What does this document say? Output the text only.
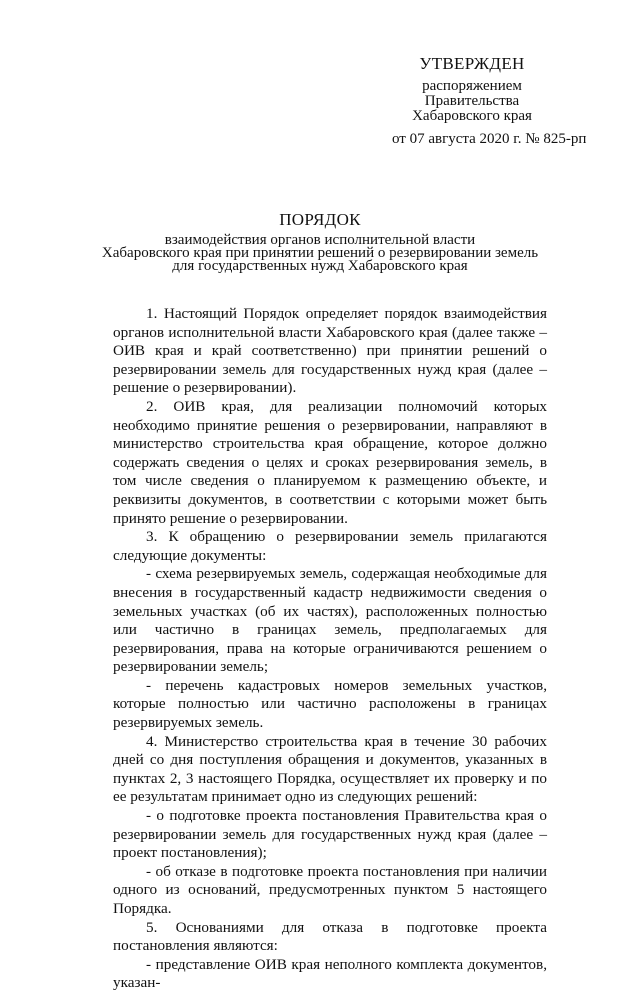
УТВЕРЖДЕН
распоряжением
Правительства
Хабаровского края
от 07 августа 2020 г. № 825-рп
ПОРЯДОК
взаимодействия органов исполнительной власти
Хабаровского края при принятии решений о резервировании земель
для государственных нужд Хабаровского края

1. Настоящий Порядок определяет порядок взаимодействия органов исполнительной власти Хабаровского края (далее также – ОИВ края и край соответственно) при принятии решений о резервировании земель для государственных нужд края (далее – решение о резервировании).

2. ОИВ края, для реализации полномочий которых необходимо принятие решения о резервировании, направляют в министерство строительства края обращение, которое должно содержать сведения о целях и сроках резервирования земель, в том числе сведения о планируемом к размещению объекте, и реквизиты документов, в соответствии с которыми может быть принято решение о резервировании.

3. К обращению о резервировании земель прилагаются следующие документы:

- схема резервируемых земель, содержащая необходимые для внесения в государственный кадастр недвижимости сведения о земельных участках (об их частях), расположенных полностью или частично в границах земель, предполагаемых для резервирования, права на которые ограничиваются решением о резервировании земель;

- перечень кадастровых номеров земельных участков, которые полностью или частично расположены в границах резервируемых земель.

4. Министерство строительства края в течение 30 рабочих дней со дня поступления обращения и документов, указанных в пунктах 2, 3 настоящего Порядка, осуществляет их проверку и по ее результатам принимает одно из следующих решений:

- о подготовке проекта постановления Правительства края о резервировании земель для государственных нужд края (далее – проект постановления);

- об отказе в подготовке проекта постановления при наличии одного из оснований, предусмотренных пунктом 5 настоящего Порядка.

5. Основаниями для отказа в подготовке проекта постановления являются:

- представление ОИВ края неполного комплекта документов, указан-
